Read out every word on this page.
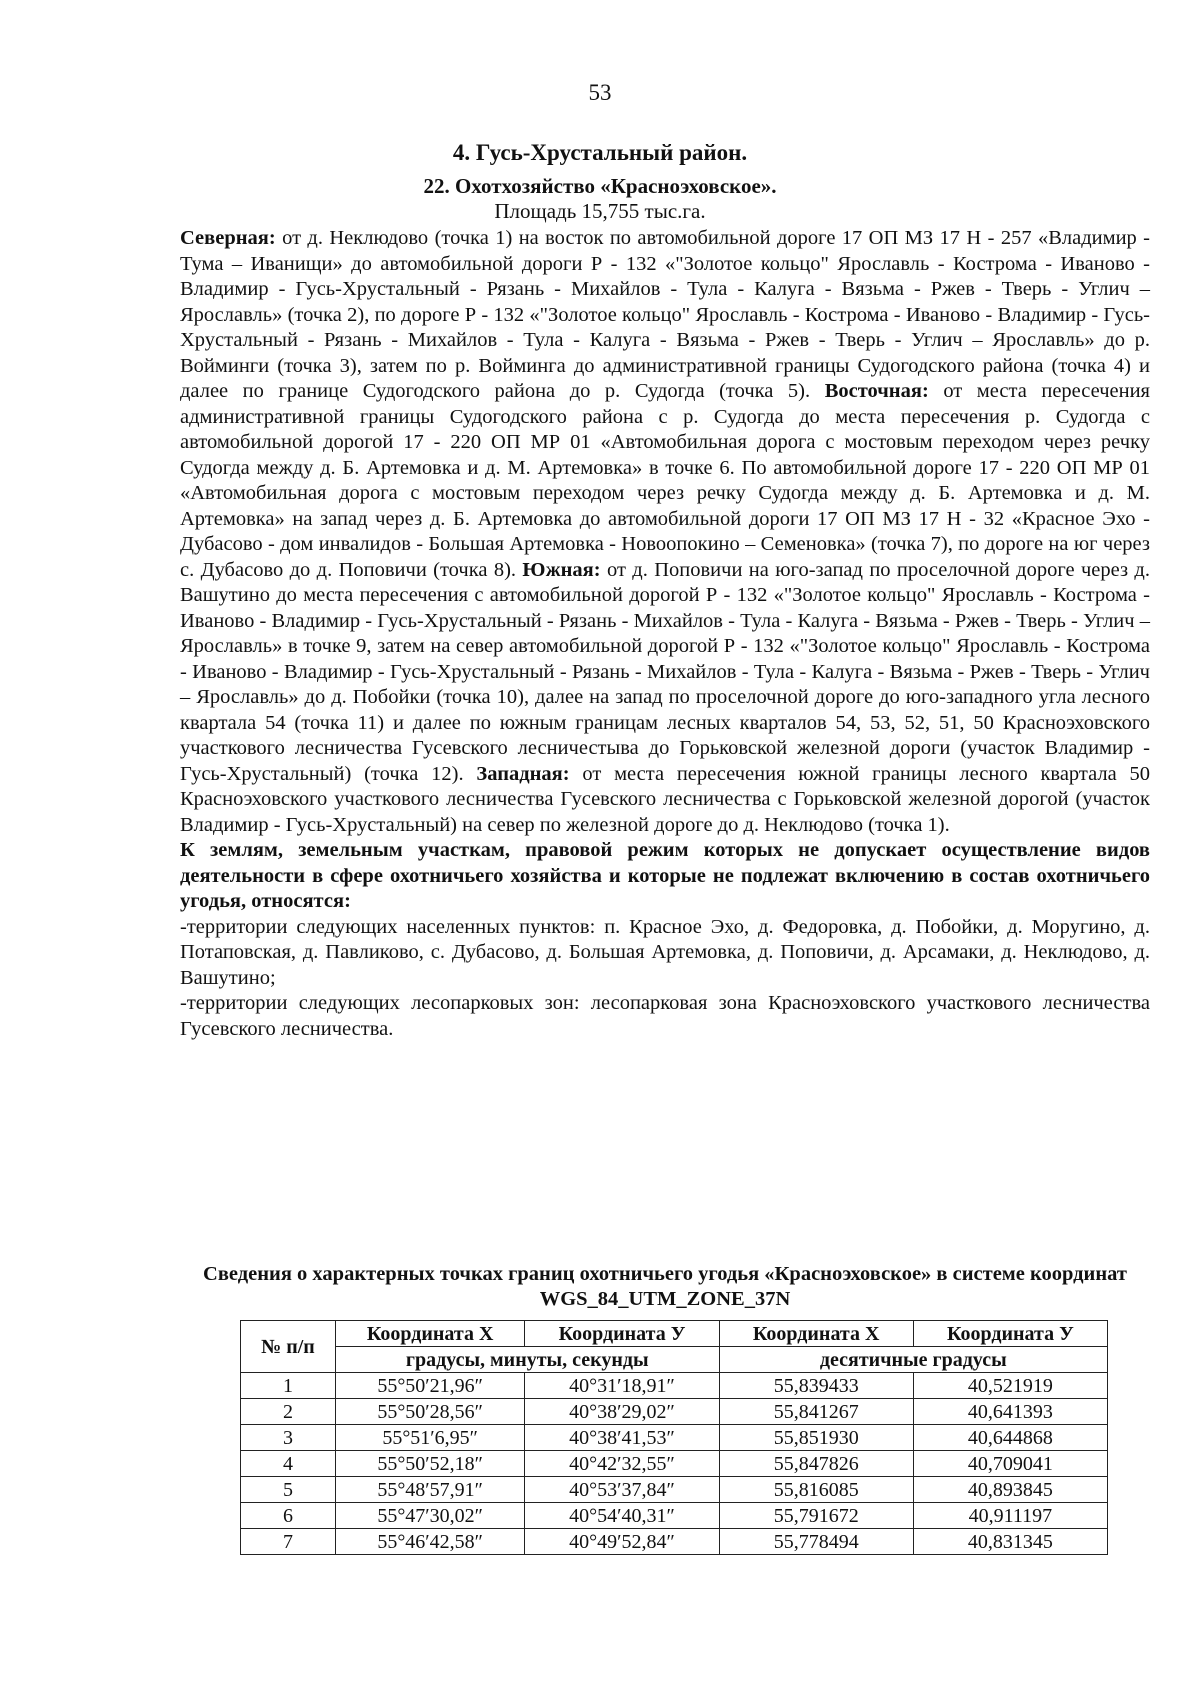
53
4. Гусь-Хрустальный район.
22. Охотхозяйство «Красноэховское».
Площадь 15,755 тыс.га.

Северная: от д. Неклюдово (точка 1) на восток по автомобильной дороге 17 ОП МЗ 17 Н - 257 «Владимир - Тума – Иванищи» до автомобильной дороги Р - 132 «"Золотое кольцо" Ярославль - Кострома - Иваново - Владимир - Гусь-Хрустальный - Рязань - Михайлов - Тула - Калуга - Вязьма - Ржев - Тверь - Углич – Ярославль» (точка 2), по дороге Р - 132 «"Золотое кольцо" Ярославль - Кострома - Иваново - Владимир - Гусь-Хрустальный - Рязань - Михайлов - Тула - Калуга - Вязьма - Ржев - Тверь - Углич – Ярославль» до р. Войминги (точка 3), затем по р. Войминга до административной границы Судогодского района (точка 4) и далее по границе Судогодского района до р. Судогда (точка 5). Восточная: от места пересечения административной границы Судогодского района с р. Судогда до места пересечения р. Судогда с автомобильной дорогой 17 - 220 ОП МР 01 «Автомобильная дорога с мостовым переходом через речку Судогда между д. Б. Артемовка и д. М. Артемовка» в точке 6. По автомобильной дороге 17 - 220 ОП МР 01 «Автомобильная дорога с мостовым переходом через речку Судогда между д. Б. Артемовка и д. М. Артемовка» на запад через д. Б. Артемовка до автомобильной дороги 17 ОП МЗ 17 Н - 32 «Красное Эхо - Дубасово - дом инвалидов - Большая Артемовка - Новоопокино – Семеновка» (точка 7), по дороге на юг через с. Дубасово до д. Поповичи (точка 8). Южная: от д. Поповичи на юго-запад по проселочной дороге через д. Вашутино до места пересечения с автомобильной дорогой Р - 132 «"Золотое кольцо" Ярославль - Кострома - Иваново - Владимир - Гусь-Хрустальный - Рязань - Михайлов - Тула - Калуга - Вязьма - Ржев - Тверь - Углич – Ярославль» в точке 9, затем на север автомобильной дорогой Р - 132 «"Золотое кольцо" Ярославль - Кострома - Иваново - Владимир - Гусь-Хрустальный - Рязань - Михайлов - Тула - Калуга - Вязьма - Ржев - Тверь - Углич – Ярославль» до д. Побойки (точка 10), далее на запад по проселочной дороге до юго-западного угла лесного квартала 54 (точка 11) и далее по южным границам лесных кварталов 54, 53, 52, 51, 50 Красноэховского участкового лесничества Гусевского лесничестыва до Горьковской железной дороги (участок Владимир - Гусь-Хрустальный) (точка 12). Западная: от места пересечения южной границы лесного квартала 50 Красноэховского участкового лесничества Гусевского лесничества с Горьковской железной дорогой (участок Владимир - Гусь-Хрустальный) на север по железной дороге до д. Неклюдово (точка 1).

К землям, земельным участкам, правовой режим которых не допускает осуществление видов деятельности в сфере охотничьего хозяйства и которые не подлежат включению в состав охотничьего угодья, относятся:

-территории следующих населенных пунктов: п. Красное Эхо, д. Федоровка, д. Побойки, д. Моругино, д. Потаповская, д. Павликово, с. Дубасово, д. Большая Артемовка, д. Поповичи, д. Арсамаки, д. Неклюдово, д. Вашутино;

-территории следующих лесопарковых зон: лесопарковая зона Красноэховского участкового лесничества Гусевского лесничества.

Сведения о характерных точках границ охотничьего угодья «Красноэховское» в системе координат WGS_84_UTM_ZONE_37N
№ п/п	Координата Х	Координата У	Координата Х	Координата У
	градусы, минуты, секунды		десятичные градусы	
1	55°50′21,96″	40°31′18,91″	55,839433	40,521919
2	55°50′28,56″	40°38′29,02″	55,841267	40,641393
3	55°51′6,95″	40°38′41,53″	55,851930	40,644868
4	55°50′52,18″	40°42′32,55″	55,847826	40,709041
5	55°48′57,91″	40°53′37,84″	55,816085	40,893845
6	55°47′30,02″	40°54′40,31″	55,791672	40,911197
7	55°46′42,58″	40°49′52,84″	55,778494	40,831345
